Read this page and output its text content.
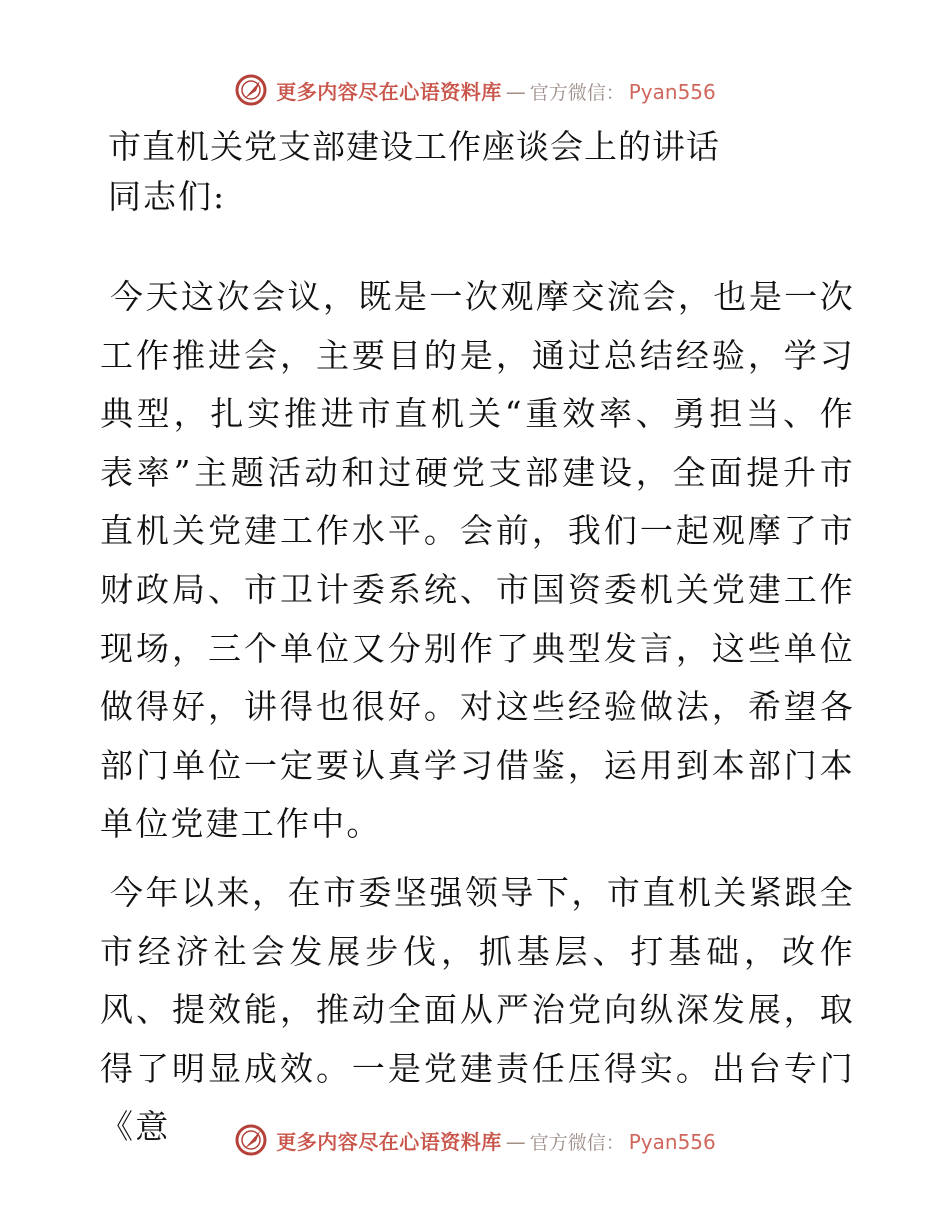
更多内容尽在心语资料库 — 官方微信： Pyan556
市直机关党支部建设工作座谈会上的讲话

同志们:

今天这次会议，既是一次观摩交流会，也是一次工作推进会，主要目的是，通过总结经验，学习典型，扎实推进市直机关“重效率、勇担当、作表率”主题活动和过硬党支部建设，全面提升市直机关党建工作水平。会前，我们一起观摩了市财政局、市卫计委系统、市国资委机关党建工作现场，三个单位又分别作了典型发言，这些单位做得好，讲得也很好。对这些经验做法，希望各部门单位一定要认真学习借鉴，运用到本部门本单位党建工作中。

今年以来，在市委坚强领导下，市直机关紧跟全市经济社会发展步伐，抓基层、打基础，改作风、提效能，推动全面从严治党向纵深发展，取得了明显成效。一是党建责任压得实。出台专门《意	更多内容尽在心语资料库 — 官方微信： Pyan556
